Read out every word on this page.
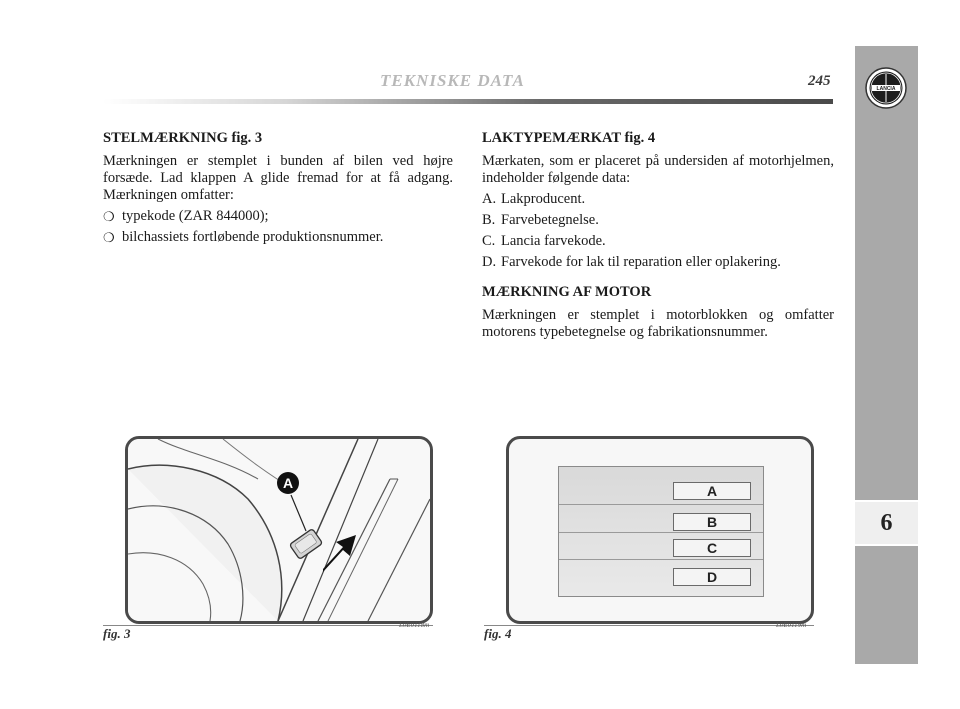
TEKNISKE DATA	245	LANCIA
6
STELMÆRKNING fig. 3
Mærkningen er stemplet i bunden af bilen ved højre forsæde. Lad klappen A glide fremad for at få adgang. Mærkningen omfatter:
❍ typekode (ZAR 844000);
❍ bilchassiets fortløbende produktionsnummer.
LAKTYPEMÆRKAT fig. 4
Mærkaten, som er placeret på undersiden af motorhjelmen, indeholder følgende data:
A. Lakproducent.
B. Farvebetegnelse.
C. Lancia farvekode.
D. Farvekode for lak til reparation eller oplakering.
MÆRKNING AF MOTOR
Mærkningen er stemplet i motorblokken og omfatter motorens typebetegnelse og fabrikationsnummer.
A
fig. 3
L0E0118m
A
B
C
D
fig. 4
L0E0119m
